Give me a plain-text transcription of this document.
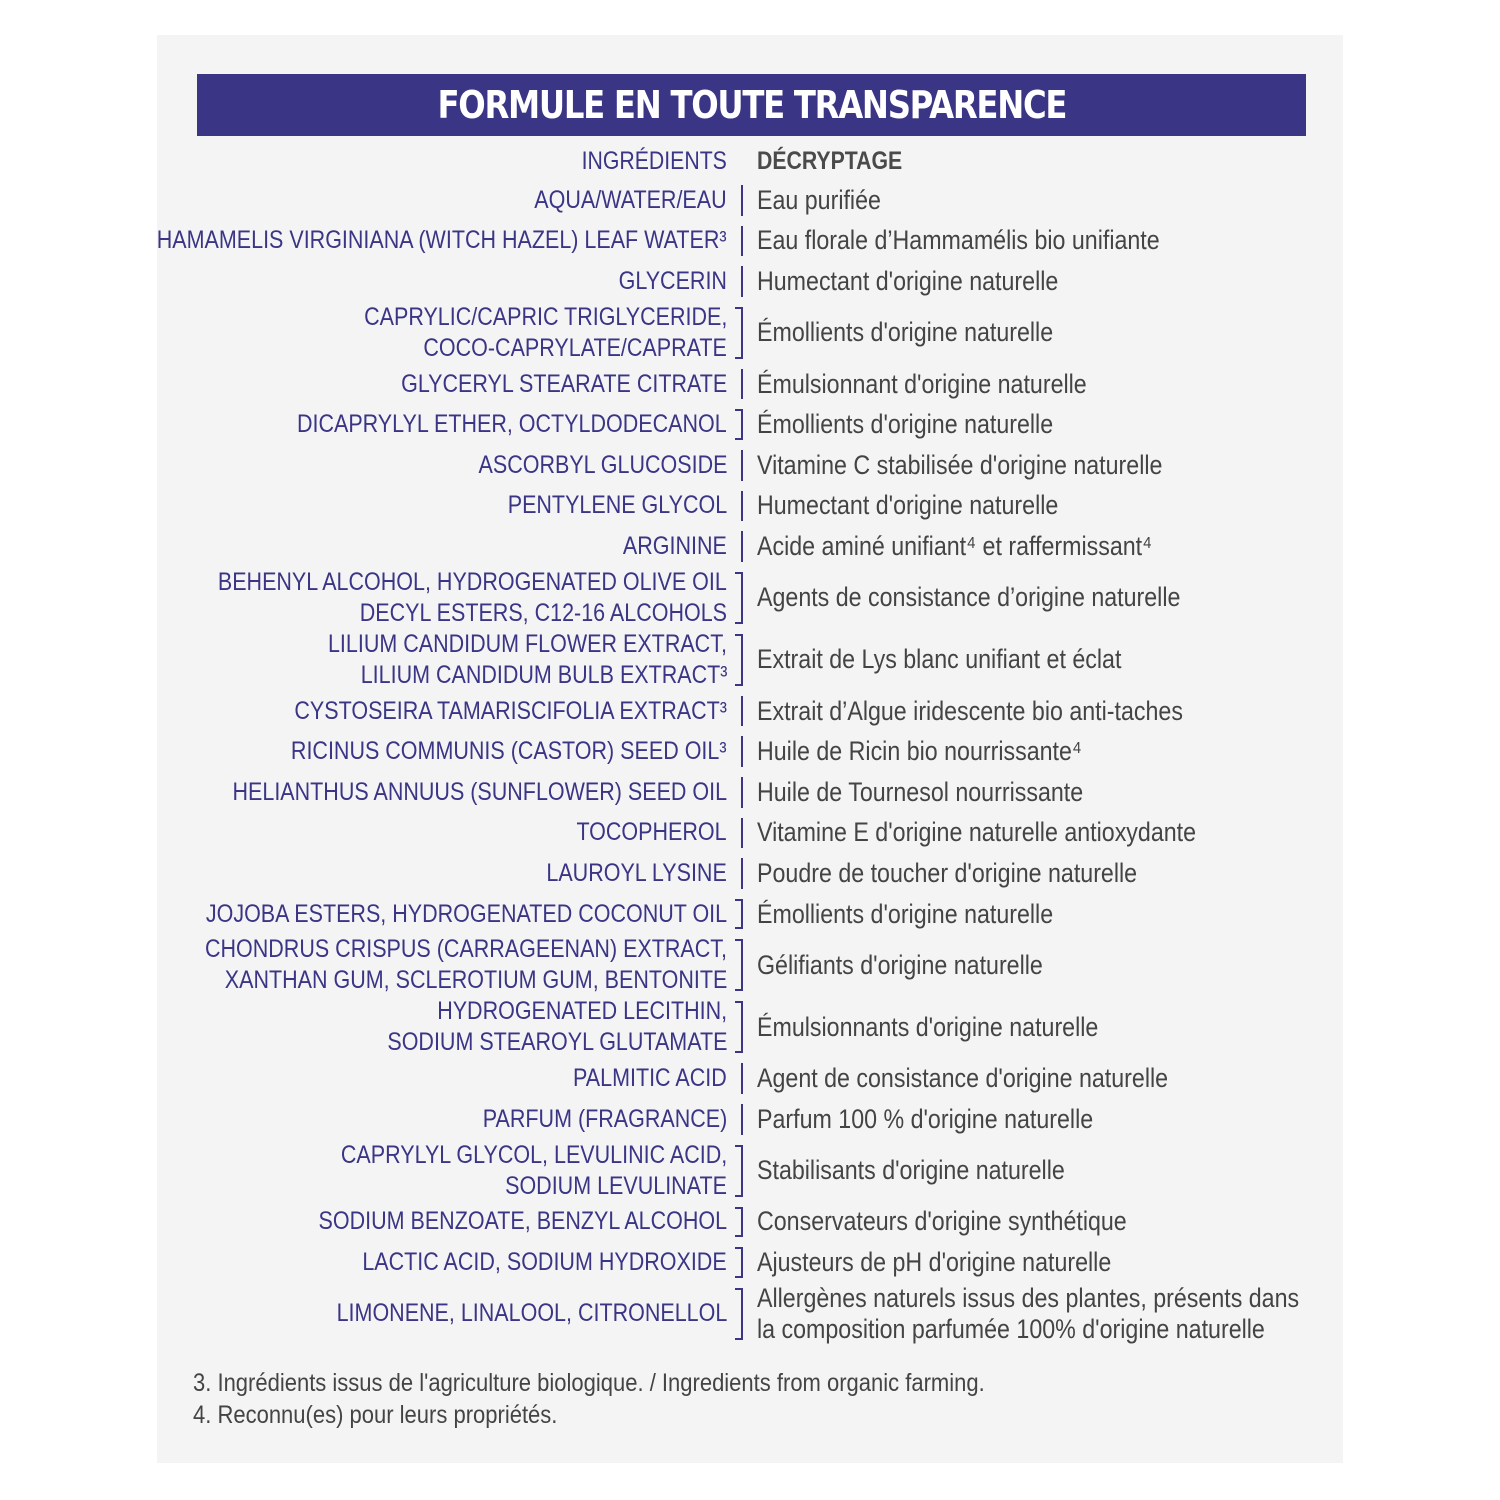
FORMULE EN TOUTE TRANSPARENCE
INGRÉDIENTS DÉCRYPTAGE
AQUA/WATER/EAU Eau purifiée
HAMAMELIS VIRGINIANA (WITCH HAZEL) LEAF WATER³ Eau florale d’Hammamélis bio unifiante
GLYCERIN Humectant d'origine naturelle
CAPRYLIC/CAPRIC TRIGLYCERIDE,
COCO-CAPRYLATE/CAPRATE
Émollients d'origine naturelle
GLYCERYL STEARATE CITRATE Émulsionnant d'origine naturelle
DICAPRYLYL ETHER, OCTYLDODECANOL Émollients d'origine naturelle
ASCORBYL GLUCOSIDE Vitamine C stabilisée d'origine naturelle
PENTYLENE GLYCOL Humectant d'origine naturelle
ARGININE Acide aminé unifiant⁴ et raffermissant⁴
BEHENYL ALCOHOL, HYDROGENATED OLIVE OIL
DECYL ESTERS, C12-16 ALCOHOLS
Agents de consistance d’origine naturelle
LILIUM CANDIDUM FLOWER EXTRACT,
LILIUM CANDIDUM BULB EXTRACT³
Extrait de Lys blanc unifiant et éclat
CYSTOSEIRA TAMARISCIFOLIA EXTRACT³ Extrait d’Algue iridescente bio anti-taches
RICINUS COMMUNIS (CASTOR) SEED OIL³ Huile de Ricin bio nourrissante⁴
HELIANTHUS ANNUUS (SUNFLOWER) SEED OIL Huile de Tournesol nourrissante
TOCOPHEROL Vitamine E d'origine naturelle antioxydante
LAUROYL LYSINE Poudre de toucher d'origine naturelle
JOJOBA ESTERS, HYDROGENATED COCONUT OIL Émollients d'origine naturelle
CHONDRUS CRISPUS (CARRAGEENAN) EXTRACT,
XANTHAN GUM, SCLEROTIUM GUM, BENTONITE
Gélifiants d'origine naturelle
HYDROGENATED LECITHIN,
SODIUM STEAROYL GLUTAMATE
Émulsionnants d'origine naturelle
PALMITIC ACID Agent de consistance d'origine naturelle
PARFUM (FRAGRANCE) Parfum 100 % d'origine naturelle
CAPRYLYL GLYCOL, LEVULINIC ACID,
SODIUM LEVULINATE
Stabilisants d'origine naturelle
SODIUM BENZOATE, BENZYL ALCOHOL Conservateurs d'origine synthétique
LACTIC ACID, SODIUM HYDROXIDE Ajusteurs de pH d'origine naturelle
LIMONENE, LINALOOL, CITRONELLOL
Allergènes naturels issus des plantes, présents dans
la composition parfumée 100% d'origine naturelle
3. Ingrédients issus de l'agriculture biologique. / Ingredients from organic farming.
4. Reconnu(es) pour leurs propriétés.
